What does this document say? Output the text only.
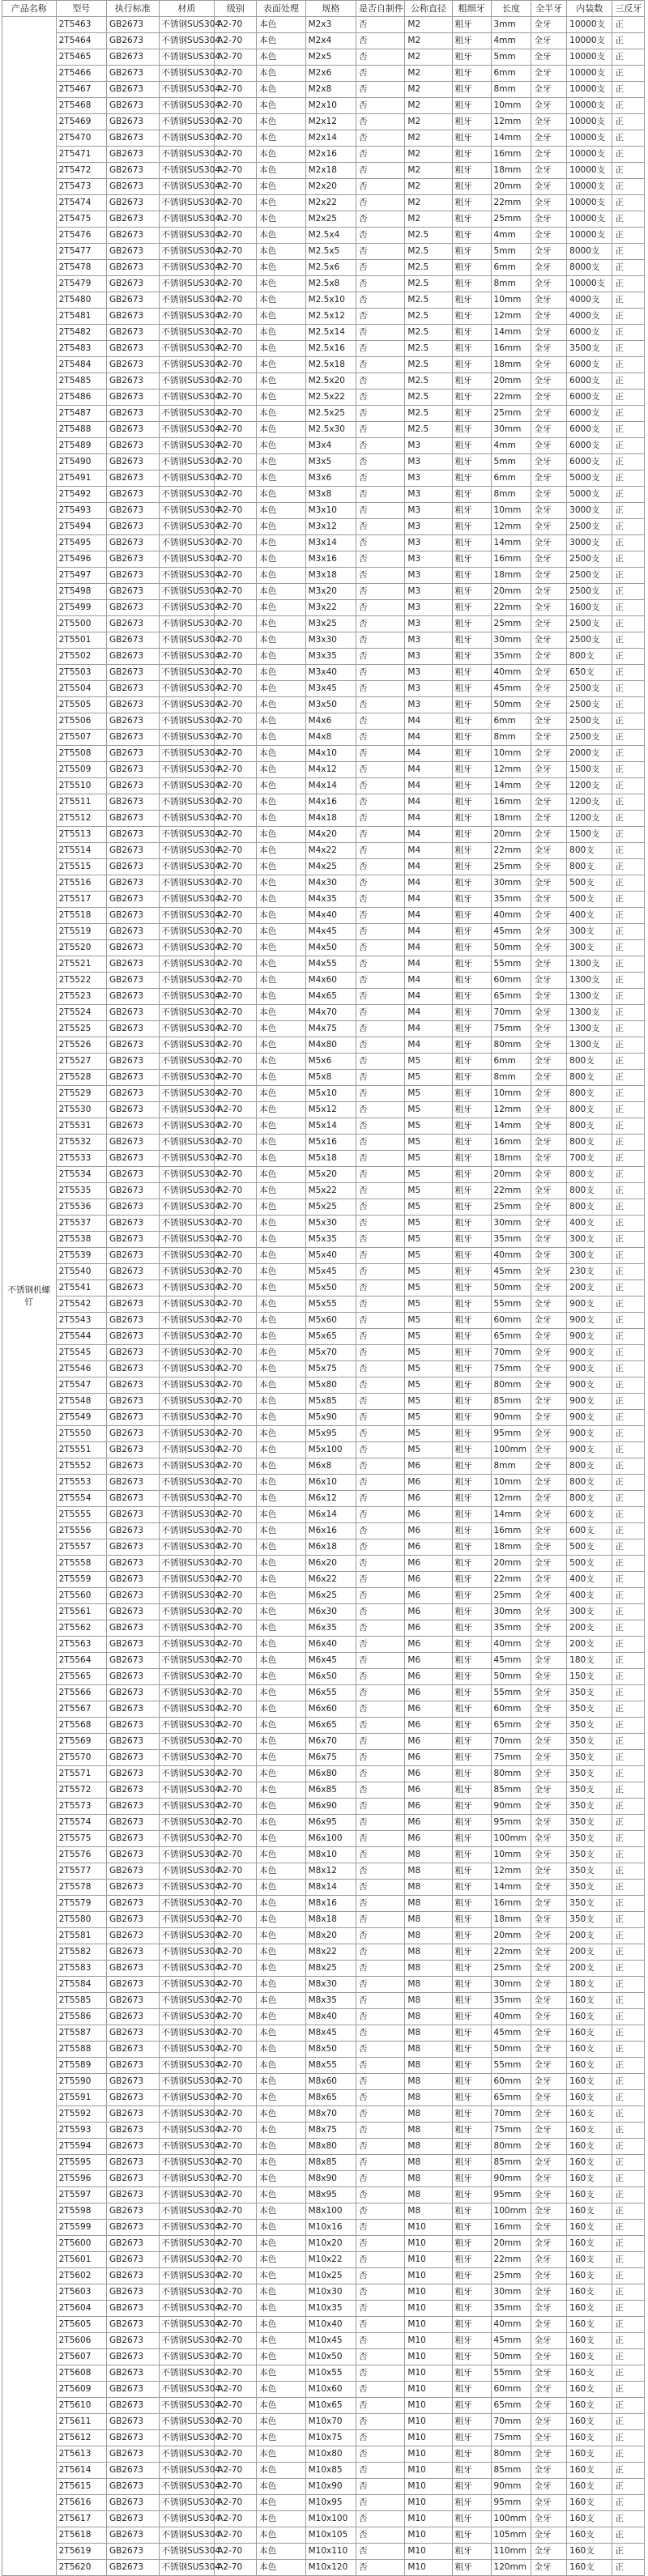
产品名称	型号	执行标准	材质	级别	表面处理	规格	是否自制件	公称直径	粗细牙	长度	全半牙	内装数	三反牙
不锈钢机螺钉	2T5463	GB2673	不锈钢SUS304	A2-70	本色	M2x3	否	M2	粗牙	3mm	全牙	10000支	正
	2T5464	GB2673	不锈钢SUS304	A2-70	本色	M2x4	否	M2	粗牙	4mm	全牙	10000支	正
	2T5465	GB2673	不锈钢SUS304	A2-70	本色	M2x5	否	M2	粗牙	5mm	全牙	10000支	正
	2T5466	GB2673	不锈钢SUS304	A2-70	本色	M2x6	否	M2	粗牙	6mm	全牙	10000支	正
	2T5467	GB2673	不锈钢SUS304	A2-70	本色	M2x8	否	M2	粗牙	8mm	全牙	10000支	正
	2T5468	GB2673	不锈钢SUS304	A2-70	本色	M2x10	否	M2	粗牙	10mm	全牙	10000支	正
	2T5469	GB2673	不锈钢SUS304	A2-70	本色	M2x12	否	M2	粗牙	12mm	全牙	10000支	正
	2T5470	GB2673	不锈钢SUS304	A2-70	本色	M2x14	否	M2	粗牙	14mm	全牙	10000支	正
	2T5471	GB2673	不锈钢SUS304	A2-70	本色	M2x16	否	M2	粗牙	16mm	全牙	10000支	正
	2T5472	GB2673	不锈钢SUS304	A2-70	本色	M2x18	否	M2	粗牙	18mm	全牙	10000支	正
	2T5473	GB2673	不锈钢SUS304	A2-70	本色	M2x20	否	M2	粗牙	20mm	全牙	10000支	正
	2T5474	GB2673	不锈钢SUS304	A2-70	本色	M2x22	否	M2	粗牙	22mm	全牙	10000支	正
	2T5475	GB2673	不锈钢SUS304	A2-70	本色	M2x25	否	M2	粗牙	25mm	全牙	10000支	正
	2T5476	GB2673	不锈钢SUS304	A2-70	本色	M2.5x4	否	M2.5	粗牙	4mm	全牙	10000支	正
	2T5477	GB2673	不锈钢SUS304	A2-70	本色	M2.5x5	否	M2.5	粗牙	5mm	全牙	8000支	正
	2T5478	GB2673	不锈钢SUS304	A2-70	本色	M2.5x6	否	M2.5	粗牙	6mm	全牙	8000支	正
	2T5479	GB2673	不锈钢SUS304	A2-70	本色	M2.5x8	否	M2.5	粗牙	8mm	全牙	10000支	正
	2T5480	GB2673	不锈钢SUS304	A2-70	本色	M2.5x10	否	M2.5	粗牙	10mm	全牙	4000支	正
	2T5481	GB2673	不锈钢SUS304	A2-70	本色	M2.5x12	否	M2.5	粗牙	12mm	全牙	4000支	正
	2T5482	GB2673	不锈钢SUS304	A2-70	本色	M2.5x14	否	M2.5	粗牙	14mm	全牙	6000支	正
	2T5483	GB2673	不锈钢SUS304	A2-70	本色	M2.5x16	否	M2.5	粗牙	16mm	全牙	3500支	正
	2T5484	GB2673	不锈钢SUS304	A2-70	本色	M2.5x18	否	M2.5	粗牙	18mm	全牙	6000支	正
	2T5485	GB2673	不锈钢SUS304	A2-70	本色	M2.5x20	否	M2.5	粗牙	20mm	全牙	6000支	正
	2T5486	GB2673	不锈钢SUS304	A2-70	本色	M2.5x22	否	M2.5	粗牙	22mm	全牙	6000支	正
	2T5487	GB2673	不锈钢SUS304	A2-70	本色	M2.5x25	否	M2.5	粗牙	25mm	全牙	6000支	正
	2T5488	GB2673	不锈钢SUS304	A2-70	本色	M2.5x30	否	M2.5	粗牙	30mm	全牙	6000支	正
	2T5489	GB2673	不锈钢SUS304	A2-70	本色	M3x4	否	M3	粗牙	4mm	全牙	6000支	正
	2T5490	GB2673	不锈钢SUS304	A2-70	本色	M3x5	否	M3	粗牙	5mm	全牙	6000支	正
	2T5491	GB2673	不锈钢SUS304	A2-70	本色	M3x6	否	M3	粗牙	6mm	全牙	5000支	正
	2T5492	GB2673	不锈钢SUS304	A2-70	本色	M3x8	否	M3	粗牙	8mm	全牙	5000支	正
	2T5493	GB2673	不锈钢SUS304	A2-70	本色	M3x10	否	M3	粗牙	10mm	全牙	3000支	正
	2T5494	GB2673	不锈钢SUS304	A2-70	本色	M3x12	否	M3	粗牙	12mm	全牙	2500支	正
	2T5495	GB2673	不锈钢SUS304	A2-70	本色	M3x14	否	M3	粗牙	14mm	全牙	3000支	正
	2T5496	GB2673	不锈钢SUS304	A2-70	本色	M3x16	否	M3	粗牙	16mm	全牙	2500支	正
	2T5497	GB2673	不锈钢SUS304	A2-70	本色	M3x18	否	M3	粗牙	18mm	全牙	2500支	正
	2T5498	GB2673	不锈钢SUS304	A2-70	本色	M3x20	否	M3	粗牙	20mm	全牙	2500支	正
	2T5499	GB2673	不锈钢SUS304	A2-70	本色	M3x22	否	M3	粗牙	22mm	全牙	1600支	正
	2T5500	GB2673	不锈钢SUS304	A2-70	本色	M3x25	否	M3	粗牙	25mm	全牙	2500支	正
	2T5501	GB2673	不锈钢SUS304	A2-70	本色	M3x30	否	M3	粗牙	30mm	全牙	2500支	正
	2T5502	GB2673	不锈钢SUS304	A2-70	本色	M3x35	否	M3	粗牙	35mm	全牙	800支	正
	2T5503	GB2673	不锈钢SUS304	A2-70	本色	M3x40	否	M3	粗牙	40mm	全牙	650支	正
	2T5504	GB2673	不锈钢SUS304	A2-70	本色	M3x45	否	M3	粗牙	45mm	全牙	2500支	正
	2T5505	GB2673	不锈钢SUS304	A2-70	本色	M3x50	否	M3	粗牙	50mm	全牙	2500支	正
	2T5506	GB2673	不锈钢SUS304	A2-70	本色	M4x6	否	M4	粗牙	6mm	全牙	2500支	正
	2T5507	GB2673	不锈钢SUS304	A2-70	本色	M4x8	否	M4	粗牙	8mm	全牙	2500支	正
	2T5508	GB2673	不锈钢SUS304	A2-70	本色	M4x10	否	M4	粗牙	10mm	全牙	2000支	正
	2T5509	GB2673	不锈钢SUS304	A2-70	本色	M4x12	否	M4	粗牙	12mm	全牙	1500支	正
	2T5510	GB2673	不锈钢SUS304	A2-70	本色	M4x14	否	M4	粗牙	14mm	全牙	1200支	正
	2T5511	GB2673	不锈钢SUS304	A2-70	本色	M4x16	否	M4	粗牙	16mm	全牙	1200支	正
	2T5512	GB2673	不锈钢SUS304	A2-70	本色	M4x18	否	M4	粗牙	18mm	全牙	1200支	正
	2T5513	GB2673	不锈钢SUS304	A2-70	本色	M4x20	否	M4	粗牙	20mm	全牙	1500支	正
	2T5514	GB2673	不锈钢SUS304	A2-70	本色	M4x22	否	M4	粗牙	22mm	全牙	800支	正
	2T5515	GB2673	不锈钢SUS304	A2-70	本色	M4x25	否	M4	粗牙	25mm	全牙	800支	正
	2T5516	GB2673	不锈钢SUS304	A2-70	本色	M4x30	否	M4	粗牙	30mm	全牙	500支	正
	2T5517	GB2673	不锈钢SUS304	A2-70	本色	M4x35	否	M4	粗牙	35mm	全牙	500支	正
	2T5518	GB2673	不锈钢SUS304	A2-70	本色	M4x40	否	M4	粗牙	40mm	全牙	400支	正
	2T5519	GB2673	不锈钢SUS304	A2-70	本色	M4x45	否	M4	粗牙	45mm	全牙	300支	正
	2T5520	GB2673	不锈钢SUS304	A2-70	本色	M4x50	否	M4	粗牙	50mm	全牙	300支	正
	2T5521	GB2673	不锈钢SUS304	A2-70	本色	M4x55	否	M4	粗牙	55mm	全牙	1300支	正
	2T5522	GB2673	不锈钢SUS304	A2-70	本色	M4x60	否	M4	粗牙	60mm	全牙	1300支	正
	2T5523	GB2673	不锈钢SUS304	A2-70	本色	M4x65	否	M4	粗牙	65mm	全牙	1300支	正
	2T5524	GB2673	不锈钢SUS304	A2-70	本色	M4x70	否	M4	粗牙	70mm	全牙	1300支	正
	2T5525	GB2673	不锈钢SUS304	A2-70	本色	M4x75	否	M4	粗牙	75mm	全牙	1300支	正
	2T5526	GB2673	不锈钢SUS304	A2-70	本色	M4x80	否	M4	粗牙	80mm	全牙	1300支	正
	2T5527	GB2673	不锈钢SUS304	A2-70	本色	M5x6	否	M5	粗牙	6mm	全牙	800支	正
	2T5528	GB2673	不锈钢SUS304	A2-70	本色	M5x8	否	M5	粗牙	8mm	全牙	800支	正
	2T5529	GB2673	不锈钢SUS304	A2-70	本色	M5x10	否	M5	粗牙	10mm	全牙	800支	正
	2T5530	GB2673	不锈钢SUS304	A2-70	本色	M5x12	否	M5	粗牙	12mm	全牙	800支	正
	2T5531	GB2673	不锈钢SUS304	A2-70	本色	M5x14	否	M5	粗牙	14mm	全牙	800支	正
	2T5532	GB2673	不锈钢SUS304	A2-70	本色	M5x16	否	M5	粗牙	16mm	全牙	800支	正
	2T5533	GB2673	不锈钢SUS304	A2-70	本色	M5x18	否	M5	粗牙	18mm	全牙	700支	正
	2T5534	GB2673	不锈钢SUS304	A2-70	本色	M5x20	否	M5	粗牙	20mm	全牙	800支	正
	2T5535	GB2673	不锈钢SUS304	A2-70	本色	M5x22	否	M5	粗牙	22mm	全牙	800支	正
	2T5536	GB2673	不锈钢SUS304	A2-70	本色	M5x25	否	M5	粗牙	25mm	全牙	800支	正
	2T5537	GB2673	不锈钢SUS304	A2-70	本色	M5x30	否	M5	粗牙	30mm	全牙	400支	正
	2T5538	GB2673	不锈钢SUS304	A2-70	本色	M5x35	否	M5	粗牙	35mm	全牙	300支	正
	2T5539	GB2673	不锈钢SUS304	A2-70	本色	M5x40	否	M5	粗牙	40mm	全牙	300支	正
	2T5540	GB2673	不锈钢SUS304	A2-70	本色	M5x45	否	M5	粗牙	45mm	全牙	230支	正
	2T5541	GB2673	不锈钢SUS304	A2-70	本色	M5x50	否	M5	粗牙	50mm	全牙	200支	正
	2T5542	GB2673	不锈钢SUS304	A2-70	本色	M5x55	否	M5	粗牙	55mm	全牙	900支	正
	2T5543	GB2673	不锈钢SUS304	A2-70	本色	M5x60	否	M5	粗牙	60mm	全牙	900支	正
	2T5544	GB2673	不锈钢SUS304	A2-70	本色	M5x65	否	M5	粗牙	65mm	全牙	900支	正
	2T5545	GB2673	不锈钢SUS304	A2-70	本色	M5x70	否	M5	粗牙	70mm	全牙	900支	正
	2T5546	GB2673	不锈钢SUS304	A2-70	本色	M5x75	否	M5	粗牙	75mm	全牙	900支	正
	2T5547	GB2673	不锈钢SUS304	A2-70	本色	M5x80	否	M5	粗牙	80mm	全牙	900支	正
	2T5548	GB2673	不锈钢SUS304	A2-70	本色	M5x85	否	M5	粗牙	85mm	全牙	900支	正
	2T5549	GB2673	不锈钢SUS304	A2-70	本色	M5x90	否	M5	粗牙	90mm	全牙	900支	正
	2T5550	GB2673	不锈钢SUS304	A2-70	本色	M5x95	否	M5	粗牙	95mm	全牙	900支	正
	2T5551	GB2673	不锈钢SUS304	A2-70	本色	M5x100	否	M5	粗牙	100mm	全牙	900支	正
	2T5552	GB2673	不锈钢SUS304	A2-70	本色	M6x8	否	M6	粗牙	8mm	全牙	800支	正
	2T5553	GB2673	不锈钢SUS304	A2-70	本色	M6x10	否	M6	粗牙	10mm	全牙	800支	正
	2T5554	GB2673	不锈钢SUS304	A2-70	本色	M6x12	否	M6	粗牙	12mm	全牙	800支	正
	2T5555	GB2673	不锈钢SUS304	A2-70	本色	M6x14	否	M6	粗牙	14mm	全牙	600支	正
	2T5556	GB2673	不锈钢SUS304	A2-70	本色	M6x16	否	M6	粗牙	16mm	全牙	600支	正
	2T5557	GB2673	不锈钢SUS304	A2-70	本色	M6x18	否	M6	粗牙	18mm	全牙	500支	正
	2T5558	GB2673	不锈钢SUS304	A2-70	本色	M6x20	否	M6	粗牙	20mm	全牙	500支	正
	2T5559	GB2673	不锈钢SUS304	A2-70	本色	M6x22	否	M6	粗牙	22mm	全牙	400支	正
	2T5560	GB2673	不锈钢SUS304	A2-70	本色	M6x25	否	M6	粗牙	25mm	全牙	400支	正
	2T5561	GB2673	不锈钢SUS304	A2-70	本色	M6x30	否	M6	粗牙	30mm	全牙	300支	正
	2T5562	GB2673	不锈钢SUS304	A2-70	本色	M6x35	否	M6	粗牙	35mm	全牙	200支	正
	2T5563	GB2673	不锈钢SUS304	A2-70	本色	M6x40	否	M6	粗牙	40mm	全牙	200支	正
	2T5564	GB2673	不锈钢SUS304	A2-70	本色	M6x45	否	M6	粗牙	45mm	全牙	180支	正
	2T5565	GB2673	不锈钢SUS304	A2-70	本色	M6x50	否	M6	粗牙	50mm	全牙	150支	正
	2T5566	GB2673	不锈钢SUS304	A2-70	本色	M6x55	否	M6	粗牙	55mm	全牙	350支	正
	2T5567	GB2673	不锈钢SUS304	A2-70	本色	M6x60	否	M6	粗牙	60mm	全牙	350支	正
	2T5568	GB2673	不锈钢SUS304	A2-70	本色	M6x65	否	M6	粗牙	65mm	全牙	350支	正
	2T5569	GB2673	不锈钢SUS304	A2-70	本色	M6x70	否	M6	粗牙	70mm	全牙	350支	正
	2T5570	GB2673	不锈钢SUS304	A2-70	本色	M6x75	否	M6	粗牙	75mm	全牙	350支	正
	2T5571	GB2673	不锈钢SUS304	A2-70	本色	M6x80	否	M6	粗牙	80mm	全牙	350支	正
	2T5572	GB2673	不锈钢SUS304	A2-70	本色	M6x85	否	M6	粗牙	85mm	全牙	350支	正
	2T5573	GB2673	不锈钢SUS304	A2-70	本色	M6x90	否	M6	粗牙	90mm	全牙	350支	正
	2T5574	GB2673	不锈钢SUS304	A2-70	本色	M6x95	否	M6	粗牙	95mm	全牙	350支	正
	2T5575	GB2673	不锈钢SUS304	A2-70	本色	M6x100	否	M6	粗牙	100mm	全牙	350支	正
	2T5576	GB2673	不锈钢SUS304	A2-70	本色	M8x10	否	M8	粗牙	10mm	全牙	350支	正
	2T5577	GB2673	不锈钢SUS304	A2-70	本色	M8x12	否	M8	粗牙	12mm	全牙	350支	正
	2T5578	GB2673	不锈钢SUS304	A2-70	本色	M8x14	否	M8	粗牙	14mm	全牙	350支	正
	2T5579	GB2673	不锈钢SUS304	A2-70	本色	M8x16	否	M8	粗牙	16mm	全牙	350支	正
	2T5580	GB2673	不锈钢SUS304	A2-70	本色	M8x18	否	M8	粗牙	18mm	全牙	350支	正
	2T5581	GB2673	不锈钢SUS304	A2-70	本色	M8x20	否	M8	粗牙	20mm	全牙	200支	正
	2T5582	GB2673	不锈钢SUS304	A2-70	本色	M8x22	否	M8	粗牙	22mm	全牙	200支	正
	2T5583	GB2673	不锈钢SUS304	A2-70	本色	M8x25	否	M8	粗牙	25mm	全牙	200支	正
	2T5584	GB2673	不锈钢SUS304	A2-70	本色	M8x30	否	M8	粗牙	30mm	全牙	180支	正
	2T5585	GB2673	不锈钢SUS304	A2-70	本色	M8x35	否	M8	粗牙	35mm	全牙	160支	正
	2T5586	GB2673	不锈钢SUS304	A2-70	本色	M8x40	否	M8	粗牙	40mm	全牙	160支	正
	2T5587	GB2673	不锈钢SUS304	A2-70	本色	M8x45	否	M8	粗牙	45mm	全牙	160支	正
	2T5588	GB2673	不锈钢SUS304	A2-70	本色	M8x50	否	M8	粗牙	50mm	全牙	160支	正
	2T5589	GB2673	不锈钢SUS304	A2-70	本色	M8x55	否	M8	粗牙	55mm	全牙	160支	正
	2T5590	GB2673	不锈钢SUS304	A2-70	本色	M8x60	否	M8	粗牙	60mm	全牙	160支	正
	2T5591	GB2673	不锈钢SUS304	A2-70	本色	M8x65	否	M8	粗牙	65mm	全牙	160支	正
	2T5592	GB2673	不锈钢SUS304	A2-70	本色	M8x70	否	M8	粗牙	70mm	全牙	160支	正
	2T5593	GB2673	不锈钢SUS304	A2-70	本色	M8x75	否	M8	粗牙	75mm	全牙	160支	正
	2T5594	GB2673	不锈钢SUS304	A2-70	本色	M8x80	否	M8	粗牙	80mm	全牙	160支	正
	2T5595	GB2673	不锈钢SUS304	A2-70	本色	M8x85	否	M8	粗牙	85mm	全牙	160支	正
	2T5596	GB2673	不锈钢SUS304	A2-70	本色	M8x90	否	M8	粗牙	90mm	全牙	160支	正
	2T5597	GB2673	不锈钢SUS304	A2-70	本色	M8x95	否	M8	粗牙	95mm	全牙	160支	正
	2T5598	GB2673	不锈钢SUS304	A2-70	本色	M8x100	否	M8	粗牙	100mm	全牙	160支	正
	2T5599	GB2673	不锈钢SUS304	A2-70	本色	M10x16	否	M10	粗牙	16mm	全牙	160支	正
	2T5600	GB2673	不锈钢SUS304	A2-70	本色	M10x20	否	M10	粗牙	20mm	全牙	160支	正
	2T5601	GB2673	不锈钢SUS304	A2-70	本色	M10x22	否	M10	粗牙	22mm	全牙	160支	正
	2T5602	GB2673	不锈钢SUS304	A2-70	本色	M10x25	否	M10	粗牙	25mm	全牙	160支	正
	2T5603	GB2673	不锈钢SUS304	A2-70	本色	M10x30	否	M10	粗牙	30mm	全牙	160支	正
	2T5604	GB2673	不锈钢SUS304	A2-70	本色	M10x35	否	M10	粗牙	35mm	全牙	160支	正
	2T5605	GB2673	不锈钢SUS304	A2-70	本色	M10x40	否	M10	粗牙	40mm	全牙	160支	正
	2T5606	GB2673	不锈钢SUS304	A2-70	本色	M10x45	否	M10	粗牙	45mm	全牙	160支	正
	2T5607	GB2673	不锈钢SUS304	A2-70	本色	M10x50	否	M10	粗牙	50mm	全牙	160支	正
	2T5608	GB2673	不锈钢SUS304	A2-70	本色	M10x55	否	M10	粗牙	55mm	全牙	160支	正
	2T5609	GB2673	不锈钢SUS304	A2-70	本色	M10x60	否	M10	粗牙	60mm	全牙	160支	正
	2T5610	GB2673	不锈钢SUS304	A2-70	本色	M10x65	否	M10	粗牙	65mm	全牙	160支	正
	2T5611	GB2673	不锈钢SUS304	A2-70	本色	M10x70	否	M10	粗牙	70mm	全牙	160支	正
	2T5612	GB2673	不锈钢SUS304	A2-70	本色	M10x75	否	M10	粗牙	75mm	全牙	160支	正
	2T5613	GB2673	不锈钢SUS304	A2-70	本色	M10x80	否	M10	粗牙	80mm	全牙	160支	正
	2T5614	GB2673	不锈钢SUS304	A2-70	本色	M10x85	否	M10	粗牙	85mm	全牙	160支	正
	2T5615	GB2673	不锈钢SUS304	A2-70	本色	M10x90	否	M10	粗牙	90mm	全牙	160支	正
	2T5616	GB2673	不锈钢SUS304	A2-70	本色	M10x95	否	M10	粗牙	95mm	全牙	160支	正
	2T5617	GB2673	不锈钢SUS304	A2-70	本色	M10x100	否	M10	粗牙	100mm	全牙	160支	正
	2T5618	GB2673	不锈钢SUS304	A2-70	本色	M10x105	否	M10	粗牙	105mm	全牙	160支	正
	2T5619	GB2673	不锈钢SUS304	A2-70	本色	M10x110	否	M10	粗牙	110mm	全牙	160支	正
	2T5620	GB2673	不锈钢SUS304	A2-70	本色	M10x120	否	M10	粗牙	120mm	全牙	160支	正
